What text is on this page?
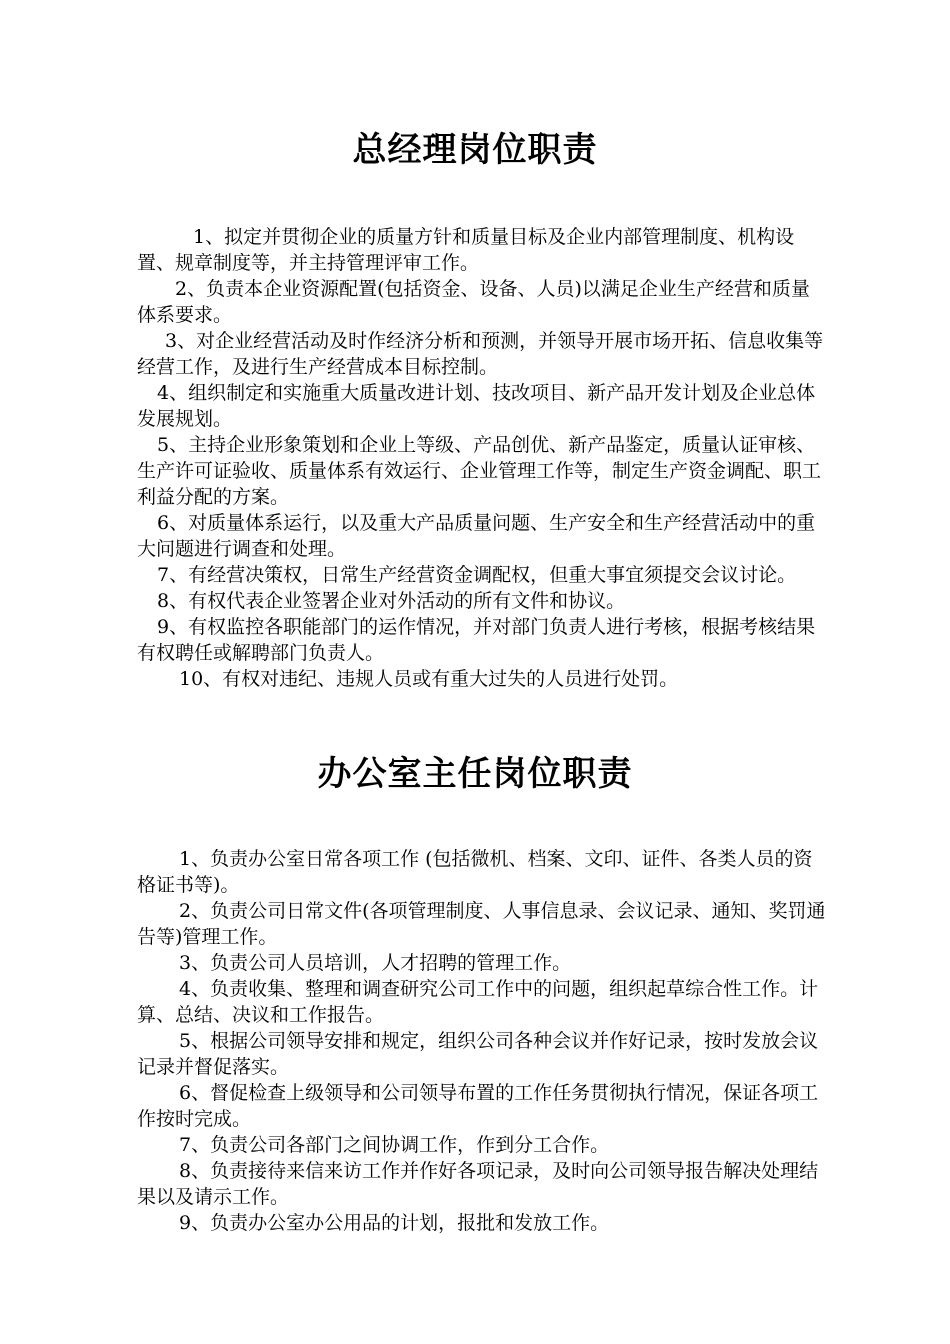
总经理岗位职责

1、拟定并贯彻企业的质量方针和质量目标及企业内部管理制度、机构设置、规章制度等，并主持管理评审工作。

2、负责本企业资源配置(包括资金、设备、人员)以满足企业生产经营和质量体系要求。

3、对企业经营活动及时作经济分析和预测，并领导开展市场开拓、信息收集等经营工作，及进行生产经营成本目标控制。

4、组织制定和实施重大质量改进计划、技改项目、新产品开发计划及企业总体发展规划。

5、主持企业形象策划和企业上等级、产品创优、新产品鉴定，质量认证审核、生产许可证验收、质量体系有效运行、企业管理工作等，制定生产资金调配、职工利益分配的方案。

6、对质量体系运行，以及重大产品质量问题、生产安全和生产经营活动中的重大问题进行调查和处理。

7、有经营决策权，日常生产经营资金调配权，但重大事宜须提交会议讨论。

8、有权代表企业签署企业对外活动的所有文件和协议。

9、有权监控各职能部门的运作情况，并对部门负责人进行考核，根据考核结果有权聘任或解聘部门负责人。

10、有权对违纪、违规人员或有重大过失的人员进行处罚。

办公室主任岗位职责

1、负责办公室日常各项工作 (包括微机、档案、文印、证件、各类人员的资格证书等)。

2、负责公司日常文件(各项管理制度、人事信息录、会议记录、通知、奖罚通告等)管理工作。

3、负责公司人员培训，人才招聘的管理工作。

4、负责收集、整理和调查研究公司工作中的问题，组织起草综合性工作。计算、总结、决议和工作报告。

5、根据公司领导安排和规定，组织公司各种会议并作好记录，按时发放会议记录并督促落实。

6、督促检查上级领导和公司领导布置的工作任务贯彻执行情况，保证各项工作按时完成。

7、负责公司各部门之间协调工作，作到分工合作。

8、负责接待来信来访工作并作好各项记录，及时向公司领导报告解决处理结果以及请示工作。

9、负责办公室办公用品的计划，报批和发放工作。
